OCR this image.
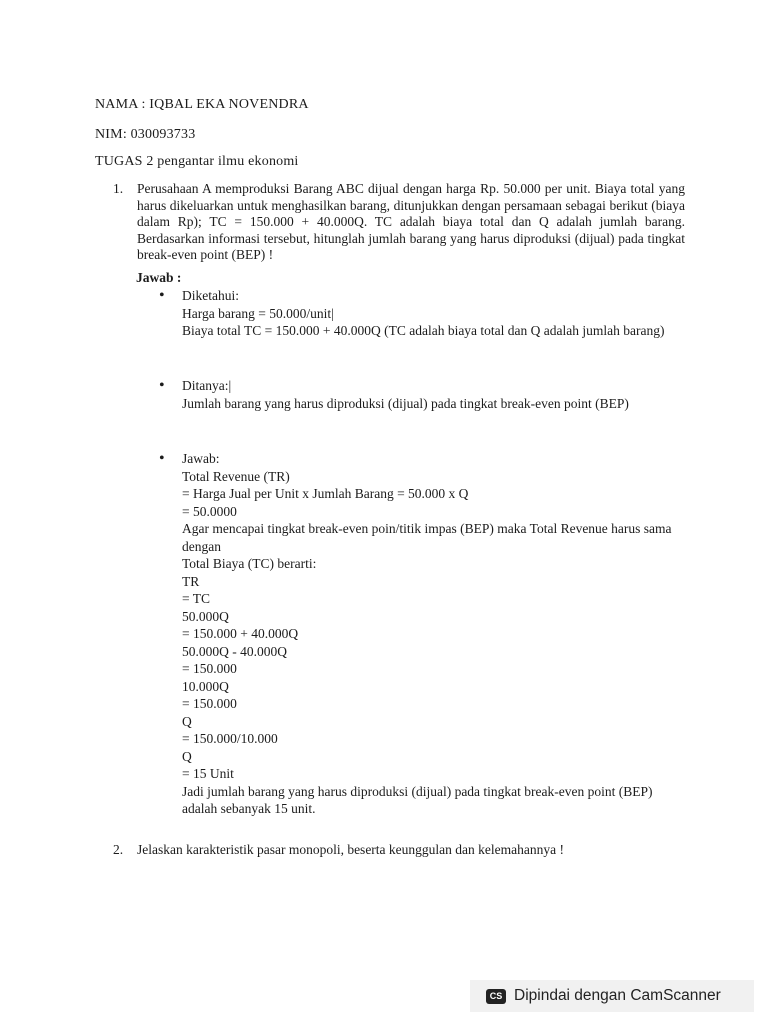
NAMA : IQBAL EKA NOVENDRA
NIM: 030093733
TUGAS 2 pengantar ilmu ekonomi
1. Perusahaan A memproduksi Barang ABC dijual dengan harga Rp. 50.000 per unit. Biaya total yang harus dikeluarkan untuk menghasilkan barang, ditunjukkan dengan persamaan sebagai berikut (biaya dalam Rp); TC = 150.000 + 40.000Q. TC adalah biaya total dan Q adalah jumlah barang. Berdasarkan informasi tersebut, hitunglah jumlah barang yang harus diproduksi (dijual) pada tingkat break-even point (BEP) !
Jawab :
• Diketahui:
Harga barang = 50.000/unit|
Biaya total TC = 150.000 + 40.000Q (TC adalah biaya total dan Q adalah jumlah barang)
• Ditanya:|
Jumlah barang yang harus diproduksi (dijual) pada tingkat break-even point (BEP)
• Jawab:
Total Revenue (TR)
= Harga Jual per Unit x Jumlah Barang = 50.000 x Q
= 50.0000
Agar mencapai tingkat break-even poin/titik impas (BEP) maka Total Revenue harus sama dengan
Total Biaya (TC) berarti:
TR
= TC
50.000Q
= 150.000 + 40.000Q
50.000Q - 40.000Q
= 150.000
10.000Q
= 150.000
Q
= 150.000/10.000
Q
= 15 Unit
Jadi jumlah barang yang harus diproduksi (dijual) pada tingkat break-even point (BEP) adalah sebanyak 15 unit.
2. Jelaskan karakteristik pasar monopoli, beserta keunggulan dan kelemahannya !
CS Dipindai dengan CamScanner
